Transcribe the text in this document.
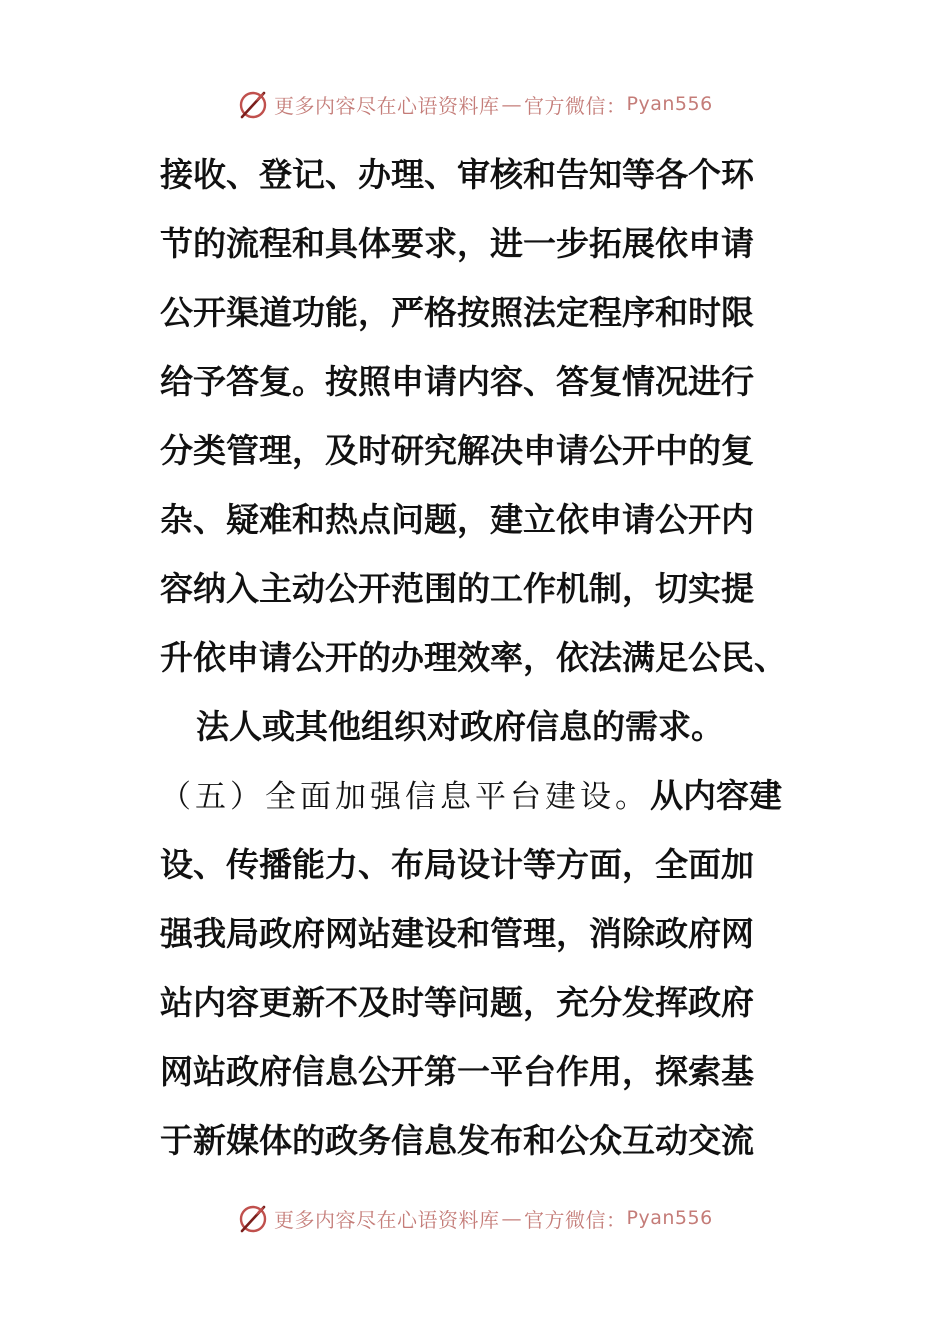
更多内容尽在心语资料库 — 官方微信： Pyan556
接收、登记、办理、审核和告知等各个环
节的流程和具体要求，进一步拓展依申请
公开渠道功能，严格按照法定程序和时限
给予答复。按照申请内容、答复情况进行
分类管理，及时研究解决申请公开中的复
杂、疑难和热点问题，建立依申请公开内
容纳入主动公开范围的工作机制，切实提
升依申请公开的办理效率，依法满足公民、
法人或其他组织对政府信息的需求。
（五）全面加强信息平台建设。从内容建
设、传播能力、布局设计等方面，全面加
强我局政府网站建设和管理，消除政府网
站内容更新不及时等问题，充分发挥政府
网站政府信息公开第一平台作用，探索基
于新媒体的政务信息发布和公众互动交流
更多内容尽在心语资料库 — 官方微信： Pyan556
